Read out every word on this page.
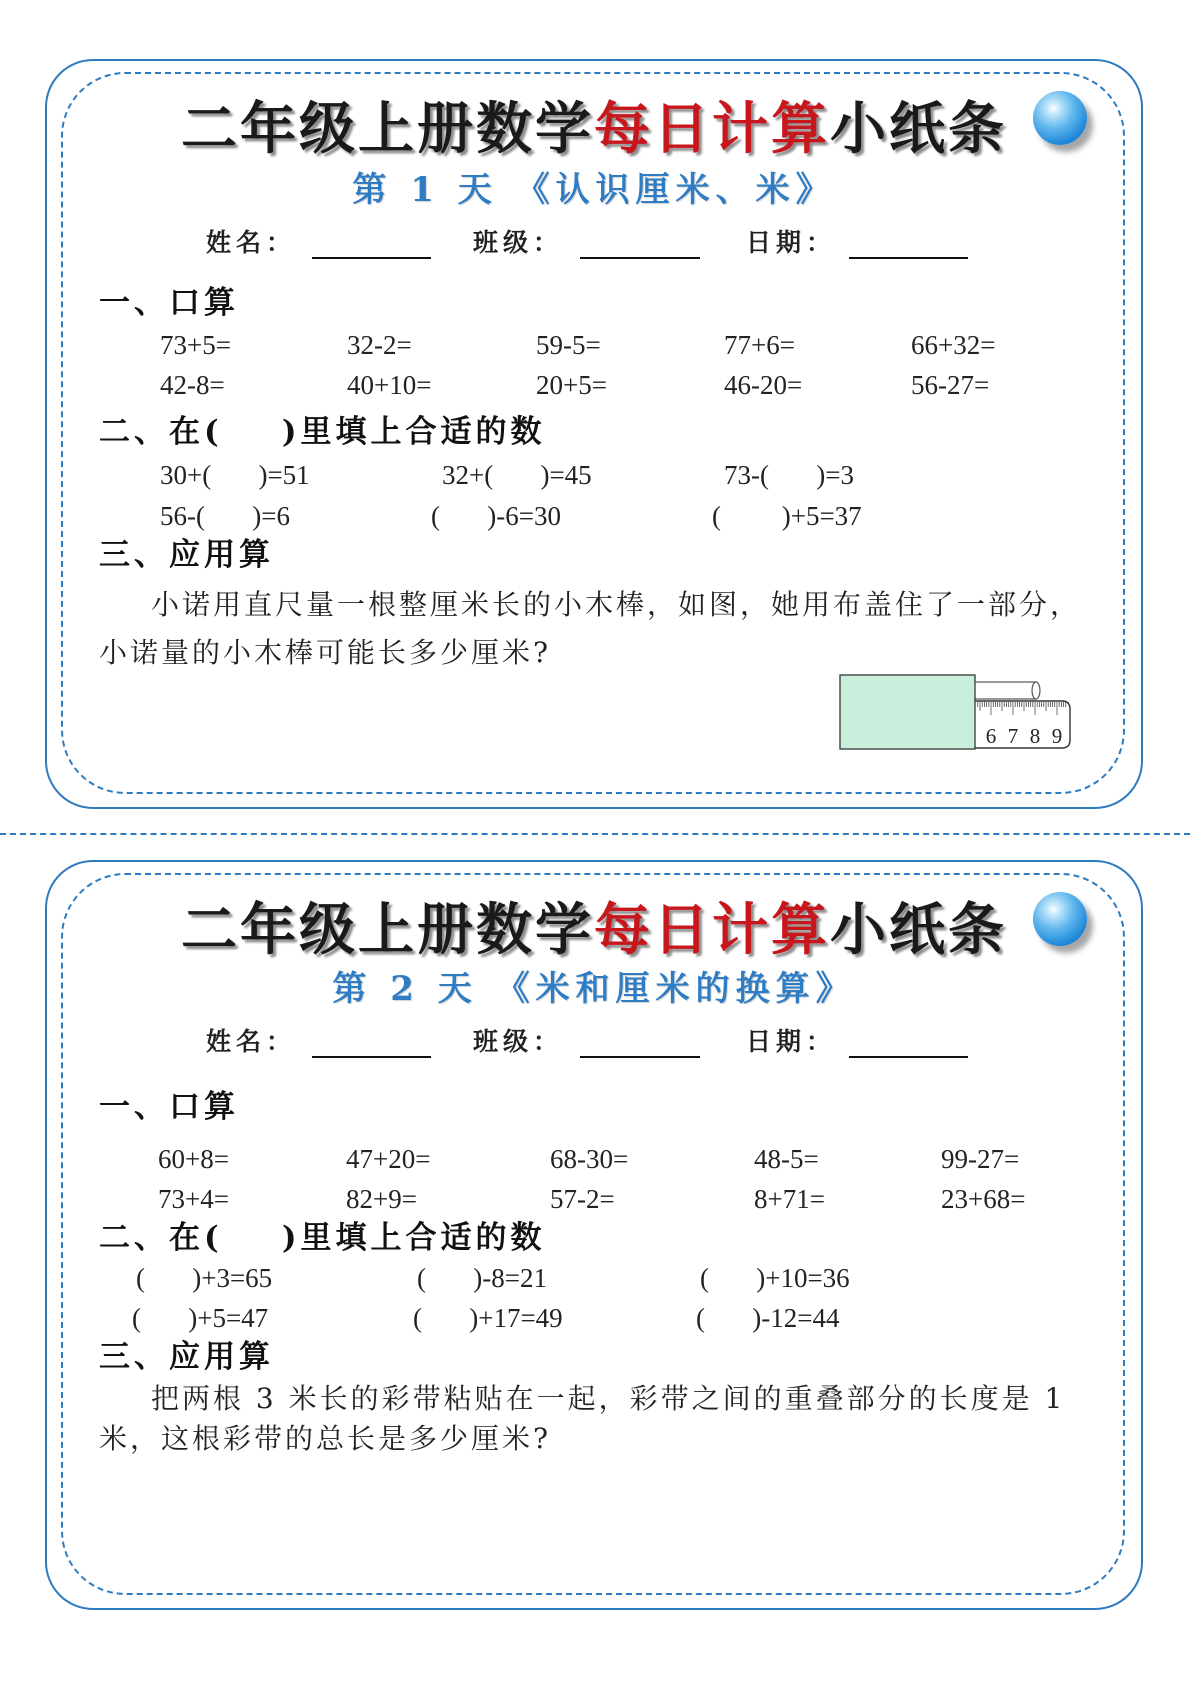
二年级上册数学每日计算小纸条
第 1 天 《认识厘米、米》
姓名：	班级：	日期：
一、口算
73+5=	32-2=	59-5=	77+6=	66+32=
42-8=	40+10=	20+5=	46-20=	56-27=
二、在(    )里填上合适的数
30+(       )=51	32+(       )=45	73-(       )=3
56-(       )=6	(       )-6=30	(         )+5=37
三、应用算
小诺用直尺量一根整厘米长的小木棒，如图，她用布盖住了一部分，
小诺量的小木棒可能长多少厘米?
6 7 8 9
二年级上册数学每日计算小纸条
第 2 天 《米和厘米的换算》
姓名：	班级：	日期：
一、口算
60+8=	47+20=	68-30=	48-5=	99-27=
73+4=	82+9=	57-2=	8+71=	23+68=
二、在(    )里填上合适的数
(       )+3=65	(       )-8=21	(       )+10=36
(       )+5=47	(       )+17=49	(       )-12=44
三、应用算
把两根 3 米长的彩带粘贴在一起，彩带之间的重叠部分的长度是 1
米，这根彩带的总长是多少厘米?
